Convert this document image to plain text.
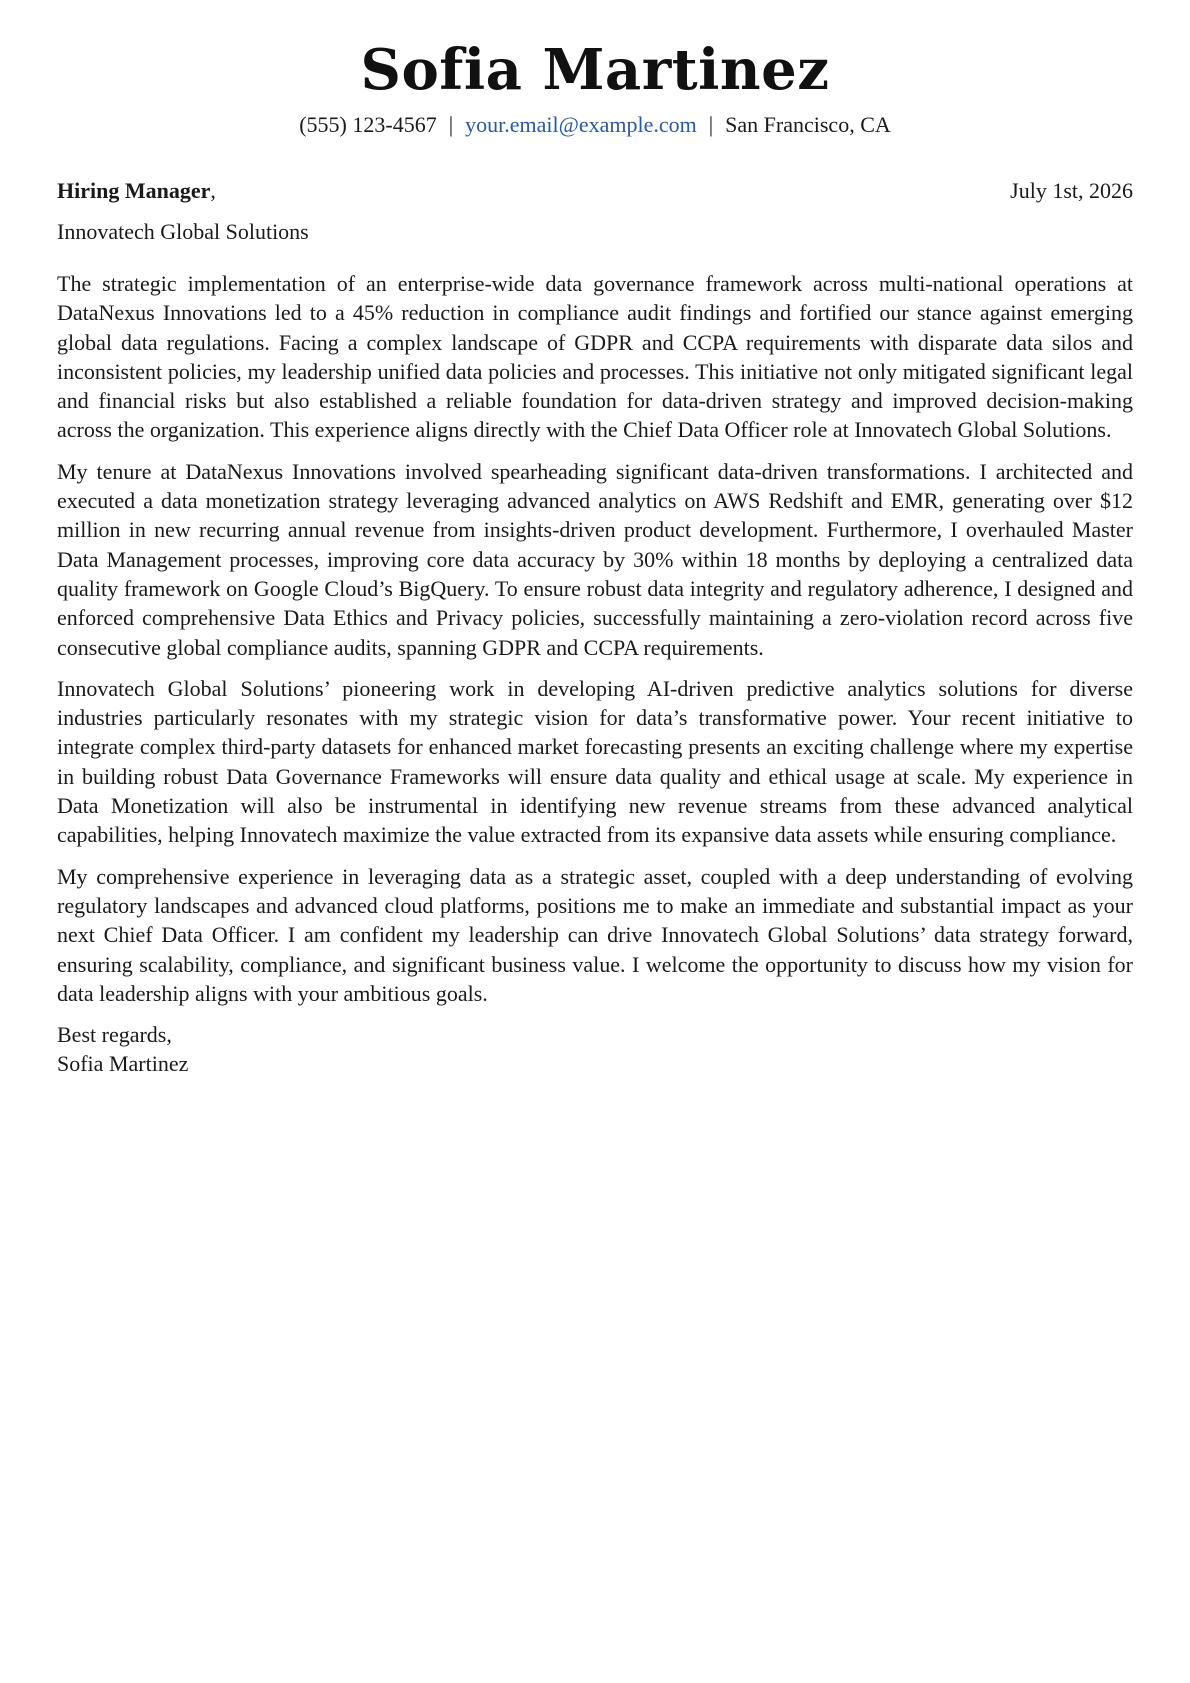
Sofia Martinez
(555) 123-4567 | your.email@example.com | San Francisco, CA
Hiring Manager,	July 1st, 2026
Innovatech Global Solutions

The strategic implementation of an enterprise-wide data governance framework across multi-national operations at DataNexus Innovations led to a 45% reduction in compliance audit findings and fortified our stance against emerging global data regulations. Facing a complex landscape of GDPR and CCPA requirements with disparate data silos and inconsistent policies, my leadership unified data policies and processes. This initiative not only mitigated significant legal and financial risks but also established a reliable foundation for data-driven strategy and improved decision-making across the organization. This experience aligns directly with the Chief Data Officer role at Innovatech Global Solutions.

My tenure at DataNexus Innovations involved spearheading significant data-driven transformations. I architected and executed a data monetization strategy leveraging advanced analytics on AWS Redshift and EMR, generating over $12 million in new recurring annual revenue from insights-driven product development. Furthermore, I overhauled Master Data Management processes, improving core data accuracy by 30% within 18 months by deploying a centralized data quality framework on Google Cloud’s BigQuery. To ensure robust data integrity and regulatory adherence, I designed and enforced comprehensive Data Ethics and Privacy policies, successfully maintaining a zero-violation record across five consecutive global compliance audits, spanning GDPR and CCPA requirements.

Innovatech Global Solutions’ pioneering work in developing AI-driven predictive analytics solutions for diverse industries particularly resonates with my strategic vision for data’s transformative power. Your recent initiative to integrate complex third-party datasets for enhanced market forecasting presents an exciting challenge where my expertise in building robust Data Governance Frameworks will ensure data quality and ethical usage at scale. My experience in Data Monetization will also be instrumental in identifying new revenue streams from these advanced analytical capabilities, helping Innovatech maximize the value extracted from its expansive data assets while ensuring compliance.

My comprehensive experience in leveraging data as a strategic asset, coupled with a deep understanding of evolving regulatory landscapes and advanced cloud platforms, positions me to make an immediate and substantial impact as your next Chief Data Officer. I am confident my leadership can drive Innovatech Global Solutions’ data strategy forward, ensuring scalability, compliance, and significant business value. I welcome the opportunity to discuss how my vision for data leadership aligns with your ambitious goals.

Best regards,
Sofia Martinez
